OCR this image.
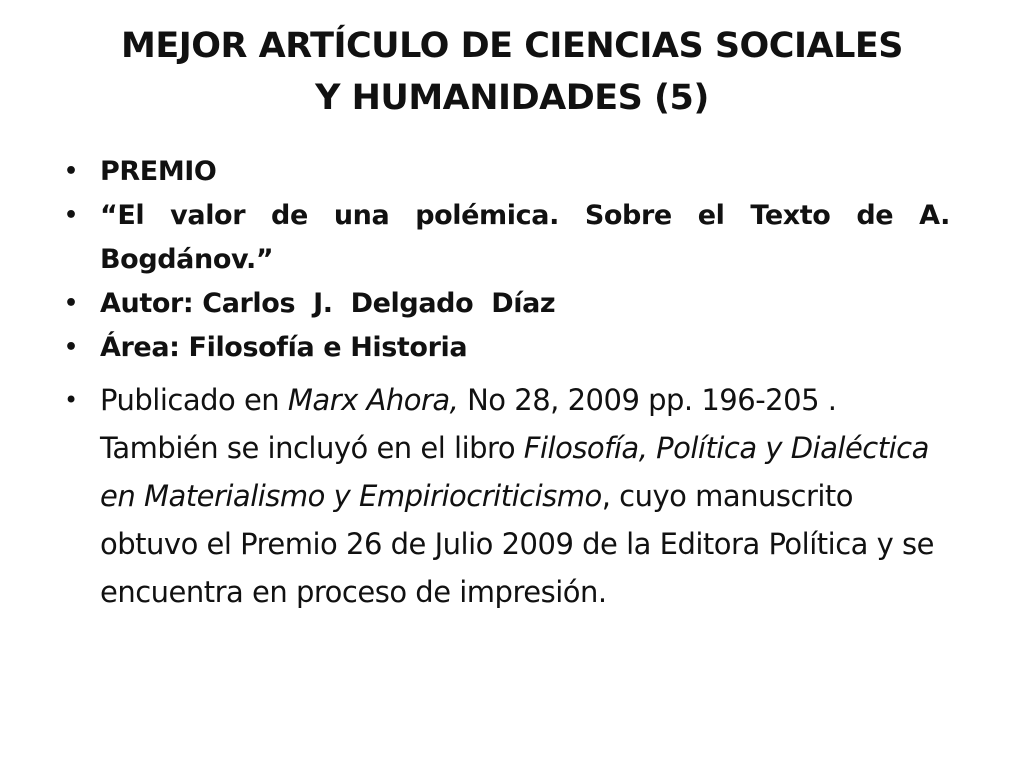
MEJOR ARTÍCULO DE CIENCIAS SOCIALES
Y HUMANIDADES (5)
• PREMIO
• “El valor de una polémica. Sobre el Texto de A. Bogdánov.”
• Autor: Carlos  J.  Delgado  Díaz
• Área: Filosofía e Historia
• Publicado en Marx Ahora, No 28, 2009 pp. 196-205 . También se incluyó en el libro Filosofía, Política y Dialéctica en Materialismo y Empiriocriticismo, cuyo manuscrito obtuvo el Premio 26 de Julio 2009 de la Editora Política y se encuentra en proceso de impresión.
